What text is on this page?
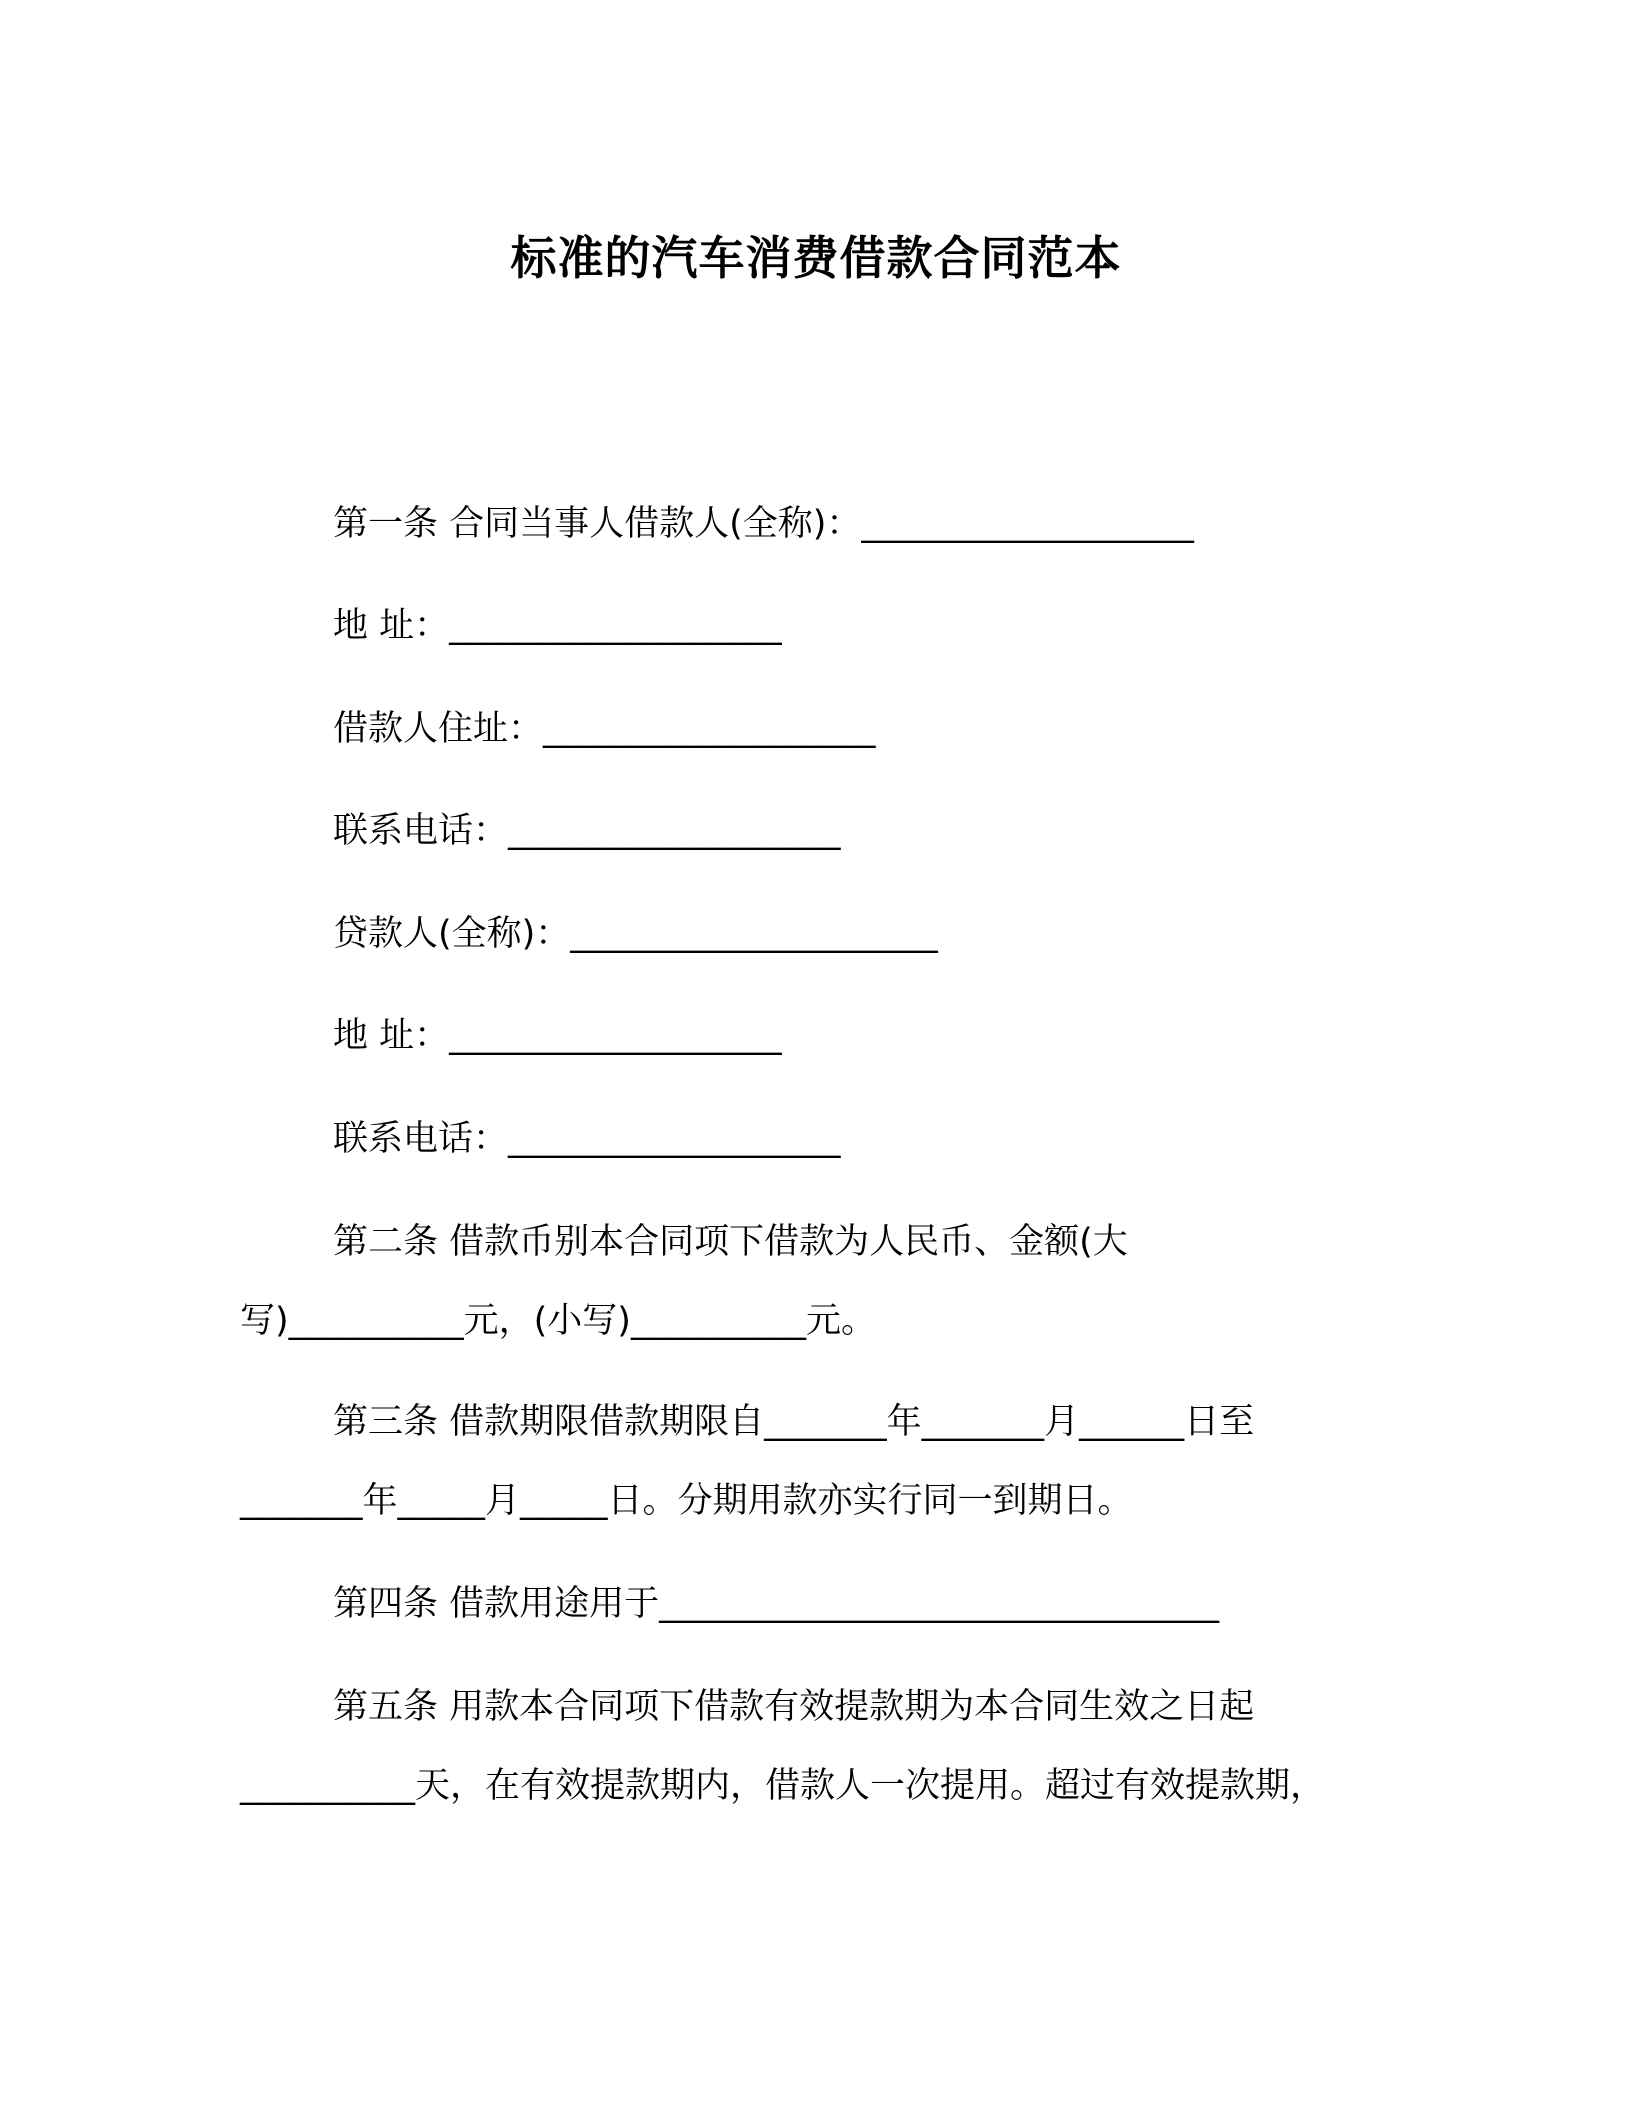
标准的汽车消费借款合同范本
第一条 合同当事人借款人(全称)：___________________
地 址：___________________
借款人住址：___________________
联系电话：___________________
贷款人(全称)：_____________________
地 址：___________________
联系电话：___________________
第二条 借款币别本合同项下借款为人民币、金额(大
写)__________元，(小写)__________元。
第三条 借款期限借款期限自_______年_______月______日至
_______年_____月_____日。分期用款亦实行同一到期日。
第四条 借款用途用于________________________________
第五条 用款本合同项下借款有效提款期为本合同生效之日起
__________天，在有效提款期内，借款人一次提用。超过有效提款期，
